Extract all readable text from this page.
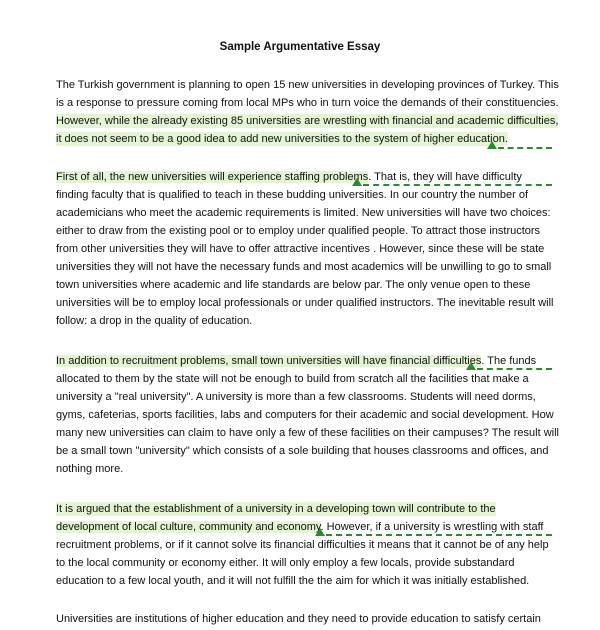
Sample Argumentative Essay
The Turkish government is planning to open 15 new universities in developing provinces of Turkey. This
is a response to pressure coming from local MPs who in turn voice the demands of their constituencies.
However, while the already existing 85 universities are wrestling with financial and academic difficulties,
it does not seem to be a good idea to add new universities to the system of higher education.
First of all, the new universities will experience staffing problems. That is, they will have difficulty
finding faculty that is qualified to teach in these budding universities. In our country the number of
academicians who meet the academic requirements is limited. New universities will have two choices:
either to draw from the existing pool or to employ under qualified people. To attract those instructors
from other universities they will have to offer attractive incentives . However, since these will be state
universities they will not have the necessary funds and most academics will be unwilling to go to small
town universities where academic and life standards are below par. The only venue open to these
universities will be to employ local professionals or under qualified instructors. The inevitable result will
follow: a drop in the quality of education.
In addition to recruitment problems, small town universities will have financial difficulties. The funds
allocated to them by the state will not be enough to build from scratch all the facilities that make a
university a "real university". A university is more than a few classrooms. Students will need dorms,
gyms, cafeterias, sports facilities, labs and computers for their academic and social development. How
many new universities can claim to have only a few of these facilities on their campuses? The result will
be a small town "university" which consists of a sole building that houses classrooms and offices, and
nothing more.
It is argued that the establishment of a university in a developing town will contribute to the
development of local culture, community and economy. However, if a university is wrestling with staff
recruitment problems, or if it cannot solve its financial difficulties it means that it cannot be of any help
to the local community or economy either. It will only employ a few locals, provide substandard
education to a few local youth, and it will not fulfill the the aim for which it was initially established.
Universities are institutions of higher education and they need to provide education to satisfy certain
